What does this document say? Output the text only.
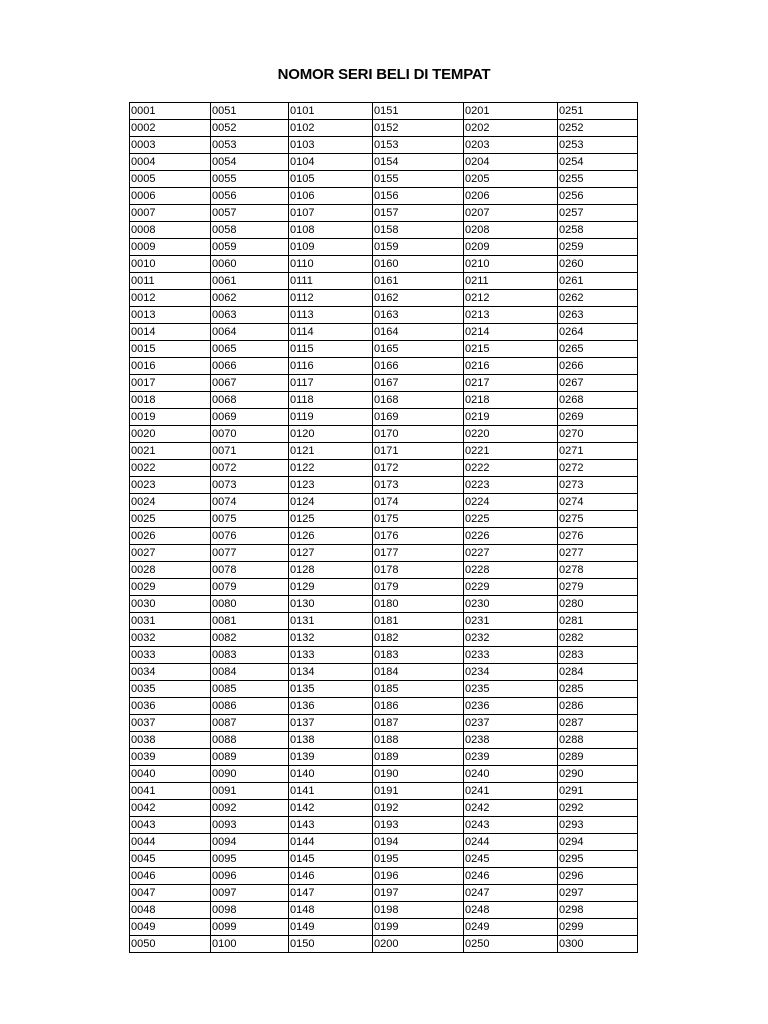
NOMOR SERI BELI DI TEMPAT
0001	0051	0101	0151	0201	0251
0002	0052	0102	0152	0202	0252
0003	0053	0103	0153	0203	0253
0004	0054	0104	0154	0204	0254
0005	0055	0105	0155	0205	0255
0006	0056	0106	0156	0206	0256
0007	0057	0107	0157	0207	0257
0008	0058	0108	0158	0208	0258
0009	0059	0109	0159	0209	0259
0010	0060	0110	0160	0210	0260
0011	0061	0111	0161	0211	0261
0012	0062	0112	0162	0212	0262
0013	0063	0113	0163	0213	0263
0014	0064	0114	0164	0214	0264
0015	0065	0115	0165	0215	0265
0016	0066	0116	0166	0216	0266
0017	0067	0117	0167	0217	0267
0018	0068	0118	0168	0218	0268
0019	0069	0119	0169	0219	0269
0020	0070	0120	0170	0220	0270
0021	0071	0121	0171	0221	0271
0022	0072	0122	0172	0222	0272
0023	0073	0123	0173	0223	0273
0024	0074	0124	0174	0224	0274
0025	0075	0125	0175	0225	0275
0026	0076	0126	0176	0226	0276
0027	0077	0127	0177	0227	0277
0028	0078	0128	0178	0228	0278
0029	0079	0129	0179	0229	0279
0030	0080	0130	0180	0230	0280
0031	0081	0131	0181	0231	0281
0032	0082	0132	0182	0232	0282
0033	0083	0133	0183	0233	0283
0034	0084	0134	0184	0234	0284
0035	0085	0135	0185	0235	0285
0036	0086	0136	0186	0236	0286
0037	0087	0137	0187	0237	0287
0038	0088	0138	0188	0238	0288
0039	0089	0139	0189	0239	0289
0040	0090	0140	0190	0240	0290
0041	0091	0141	0191	0241	0291
0042	0092	0142	0192	0242	0292
0043	0093	0143	0193	0243	0293
0044	0094	0144	0194	0244	0294
0045	0095	0145	0195	0245	0295
0046	0096	0146	0196	0246	0296
0047	0097	0147	0197	0247	0297
0048	0098	0148	0198	0248	0298
0049	0099	0149	0199	0249	0299
0050	0100	0150	0200	0250	0300
